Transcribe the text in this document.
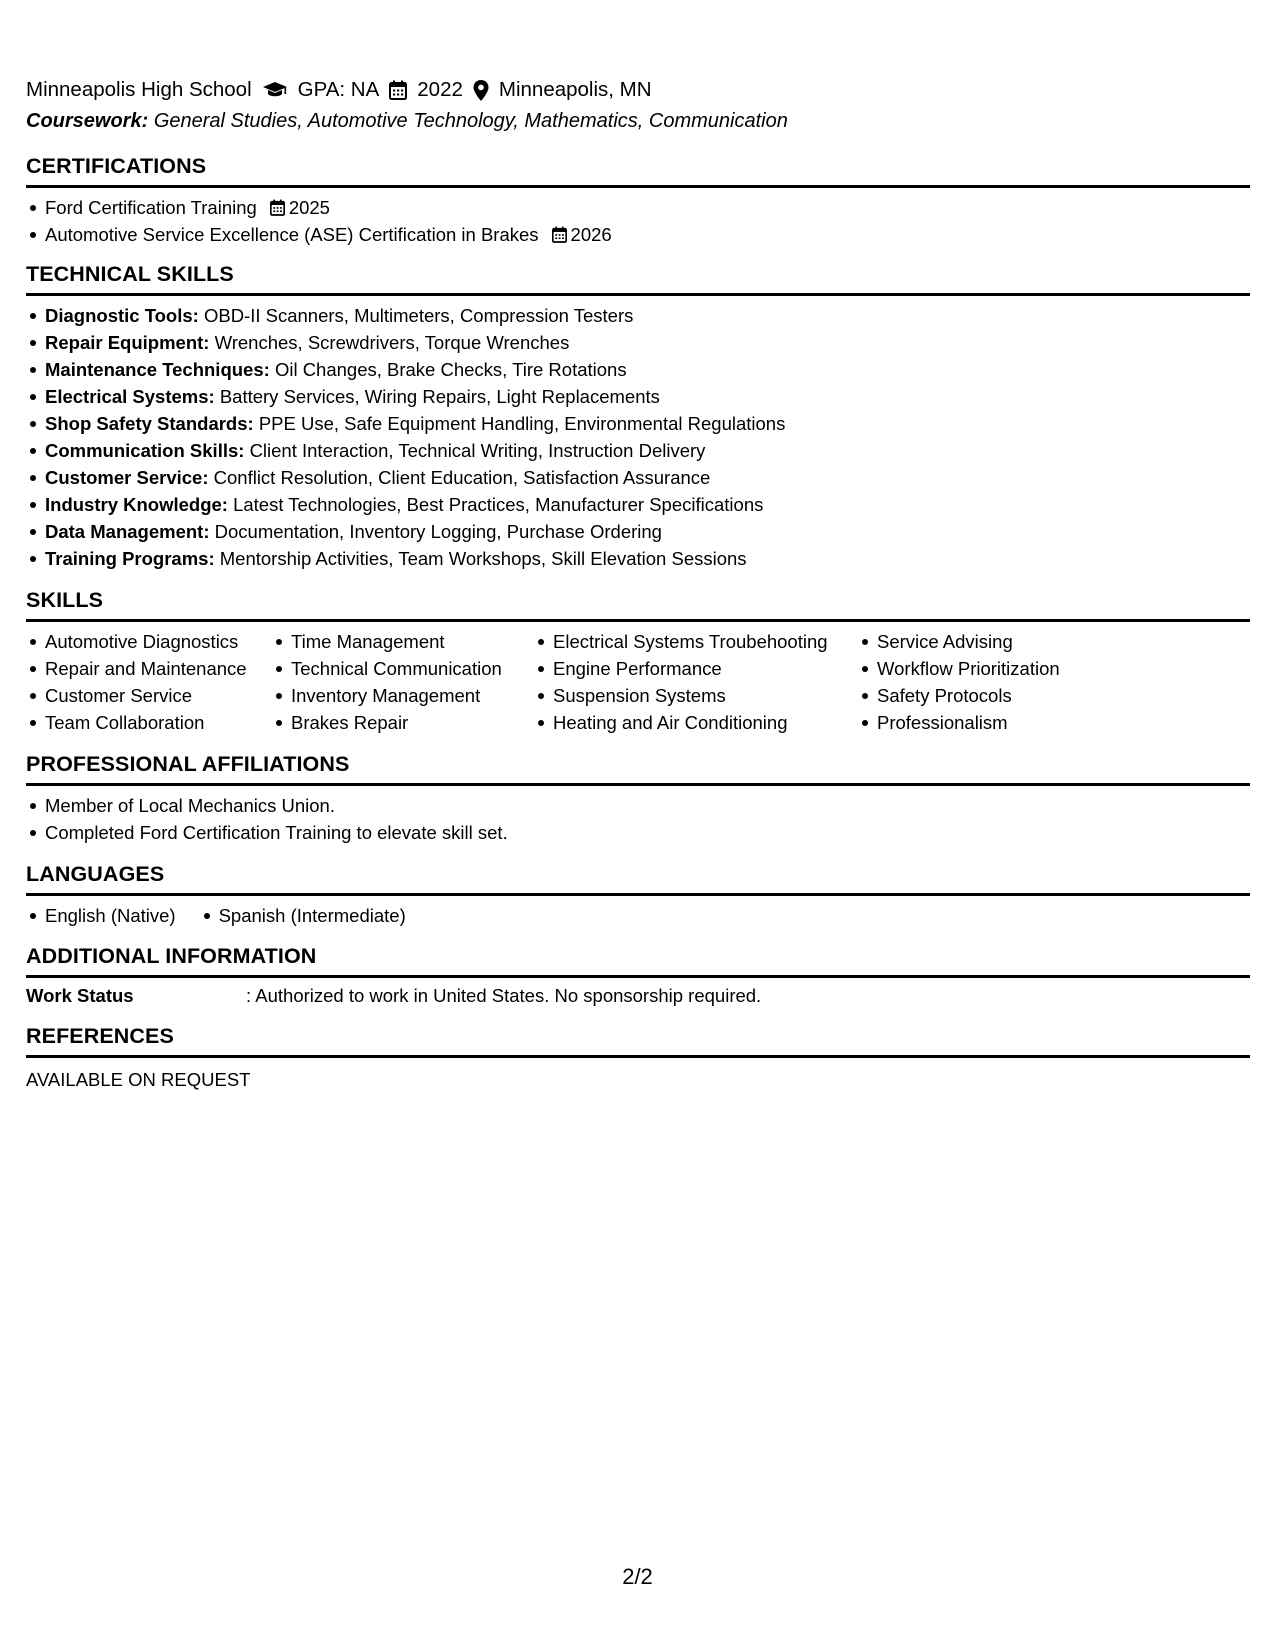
Minneapolis High School GPA: NA 2022 Minneapolis, MN
Coursework: General Studies, Automotive Technology, Mathematics, Communication
CERTIFICATIONS
Ford Certification Training 2025
Automotive Service Excellence (ASE) Certification in Brakes 2026
TECHNICAL SKILLS
Diagnostic Tools: OBD-II Scanners, Multimeters, Compression Testers
Repair Equipment: Wrenches, Screwdrivers, Torque Wrenches
Maintenance Techniques: Oil Changes, Brake Checks, Tire Rotations
Electrical Systems: Battery Services, Wiring Repairs, Light Replacements
Shop Safety Standards: PPE Use, Safe Equipment Handling, Environmental Regulations
Communication Skills: Client Interaction, Technical Writing, Instruction Delivery
Customer Service: Conflict Resolution, Client Education, Satisfaction Assurance
Industry Knowledge: Latest Technologies, Best Practices, Manufacturer Specifications
Data Management: Documentation, Inventory Logging, Purchase Ordering
Training Programs: Mentorship Activities, Team Workshops, Skill Elevation Sessions
SKILLS
Automotive Diagnostics
Repair and Maintenance
Customer Service
Team Collaboration
Time Management
Technical Communication
Inventory Management
Brakes Repair
Electrical Systems Troubehooting
Engine Performance
Suspension Systems
Heating and Air Conditioning
Service Advising
Workflow Prioritization
Safety Protocols
Professionalism
PROFESSIONAL AFFILIATIONS
Member of Local Mechanics Union.
Completed Ford Certification Training to elevate skill set.
LANGUAGES
English (Native)	Spanish (Intermediate)
ADDITIONAL INFORMATION
Work Status	: Authorized to work in United States. No sponsorship required.
REFERENCES
AVAILABLE ON REQUEST
2/2
